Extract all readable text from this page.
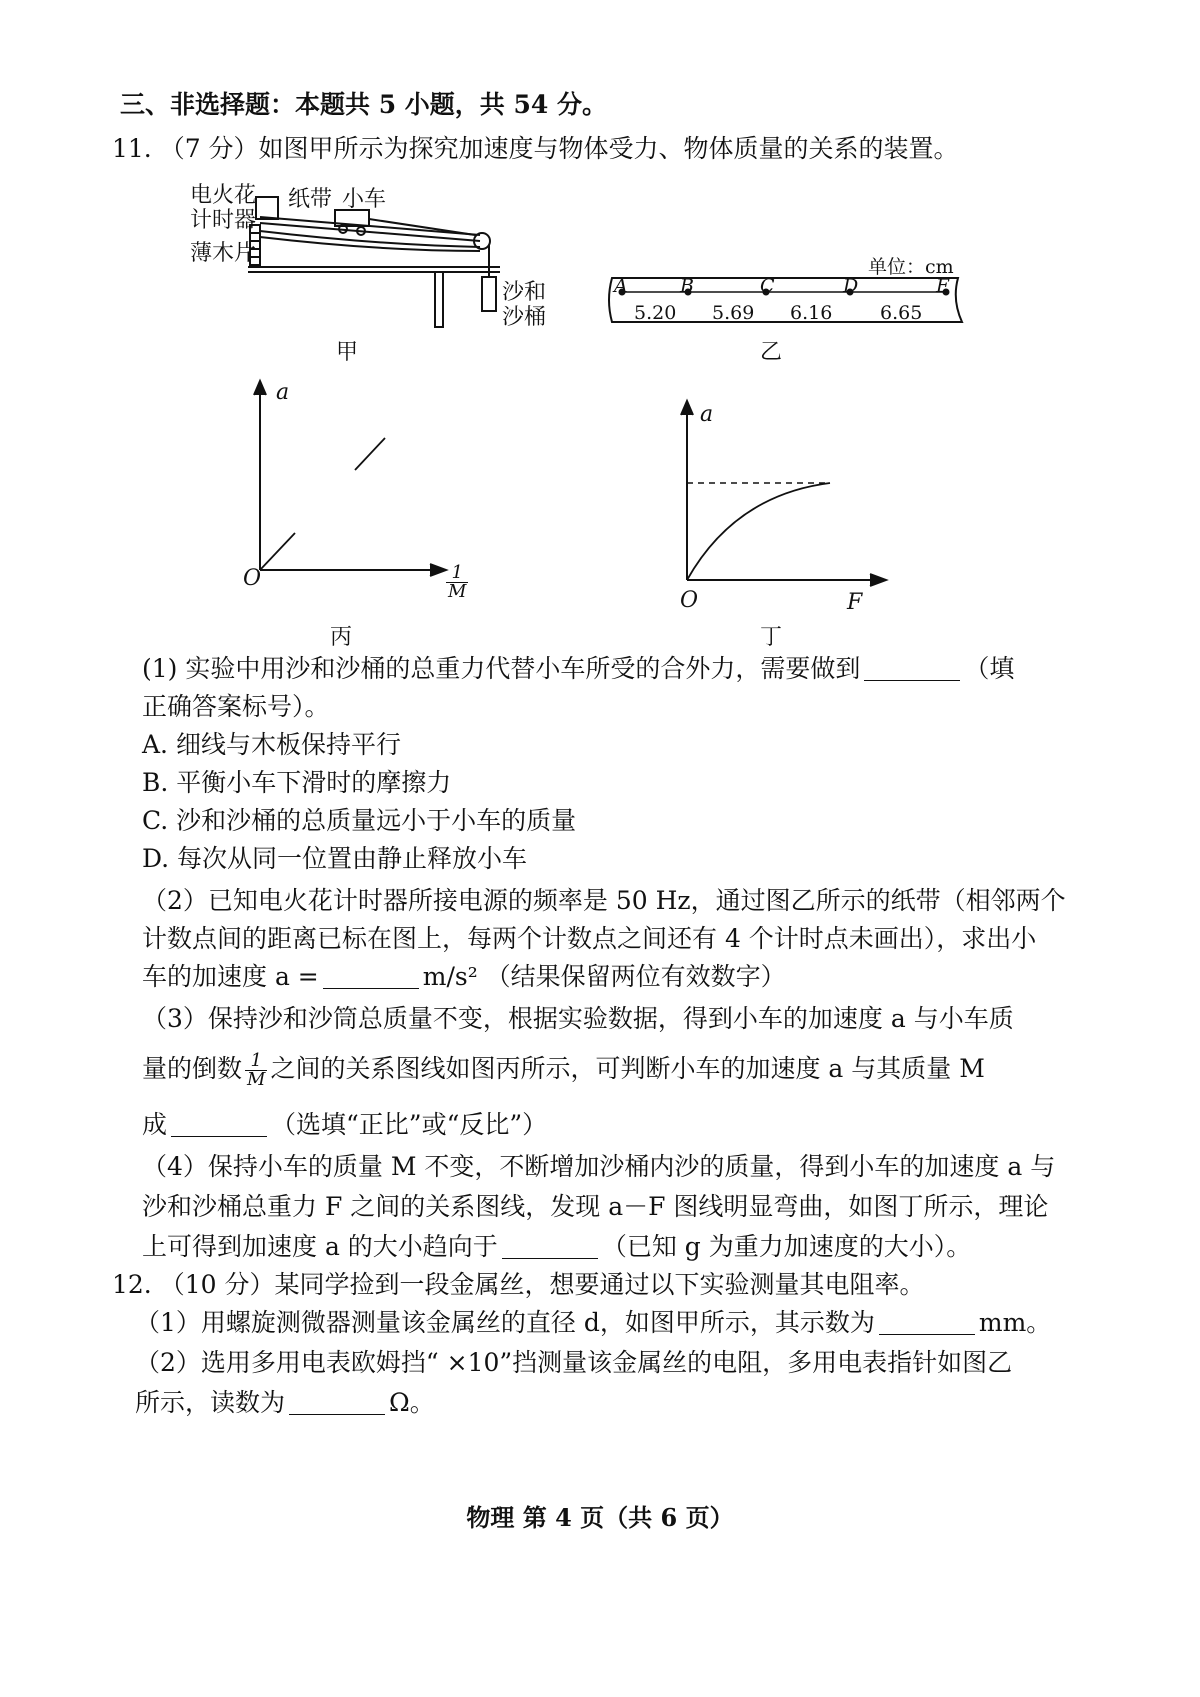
三、非选择题：本题共 5 小题，共 54 分。
11. （7 分）如图甲所示为探究加速度与物体受力、物体质量的关系的装置。
电火花
计时器
纸带 小车
薄木片
沙和
沙桶
甲
单位：cm
A	B	C	D	E
5.20 5.69 6.16	6.65
乙
a
O	$\frac{1}{M}$
丙
a
O	F
丁
(1) 实验中用沙和沙桶的总重力代替小车所受的合外力，需要做到	（填
正确答案标号）。
A. 细线与木板保持平行
B. 平衡小车下滑时的摩擦力
C. 沙和沙桶的总质量远小于小车的质量
D. 每次从同一位置由静止释放小车
（2）已知电火花计时器所接电源的频率是 50 Hz，通过图乙所示的纸带（相邻两个
计数点间的距离已标在图上，每两个计数点之间还有 4 个计时点未画出），求出小
车的加速度 a =	m/s² （结果保留两位有效数字）
（3）保持沙和沙筒总质量不变，根据实验数据，得到小车的加速度 a 与小车质
量的倒数 $\frac{1}{M}$ 之间的关系图线如图丙所示，可判断小车的加速度 a 与其质量 M
成	（选填“正比”或“反比”）
（4）保持小车的质量 M 不变，不断增加沙桶内沙的质量，得到小车的加速度 a 与
沙和沙桶总重力 F 之间的关系图线，发现 a－F 图线明显弯曲，如图丁所示，理论
上可得到加速度 a 的大小趋向于	（已知 g 为重力加速度的大小）。
12. （10 分）某同学捡到一段金属丝，想要通过以下实验测量其电阻率。
（1）用螺旋测微器测量该金属丝的直径 d，如图甲所示，其示数为	mm。
（2）选用多用电表欧姆挡“ ×10”挡测量该金属丝的电阻，多用电表指针如图乙
所示，读数为	Ω。
物理 第 4 页（共 6 页）
